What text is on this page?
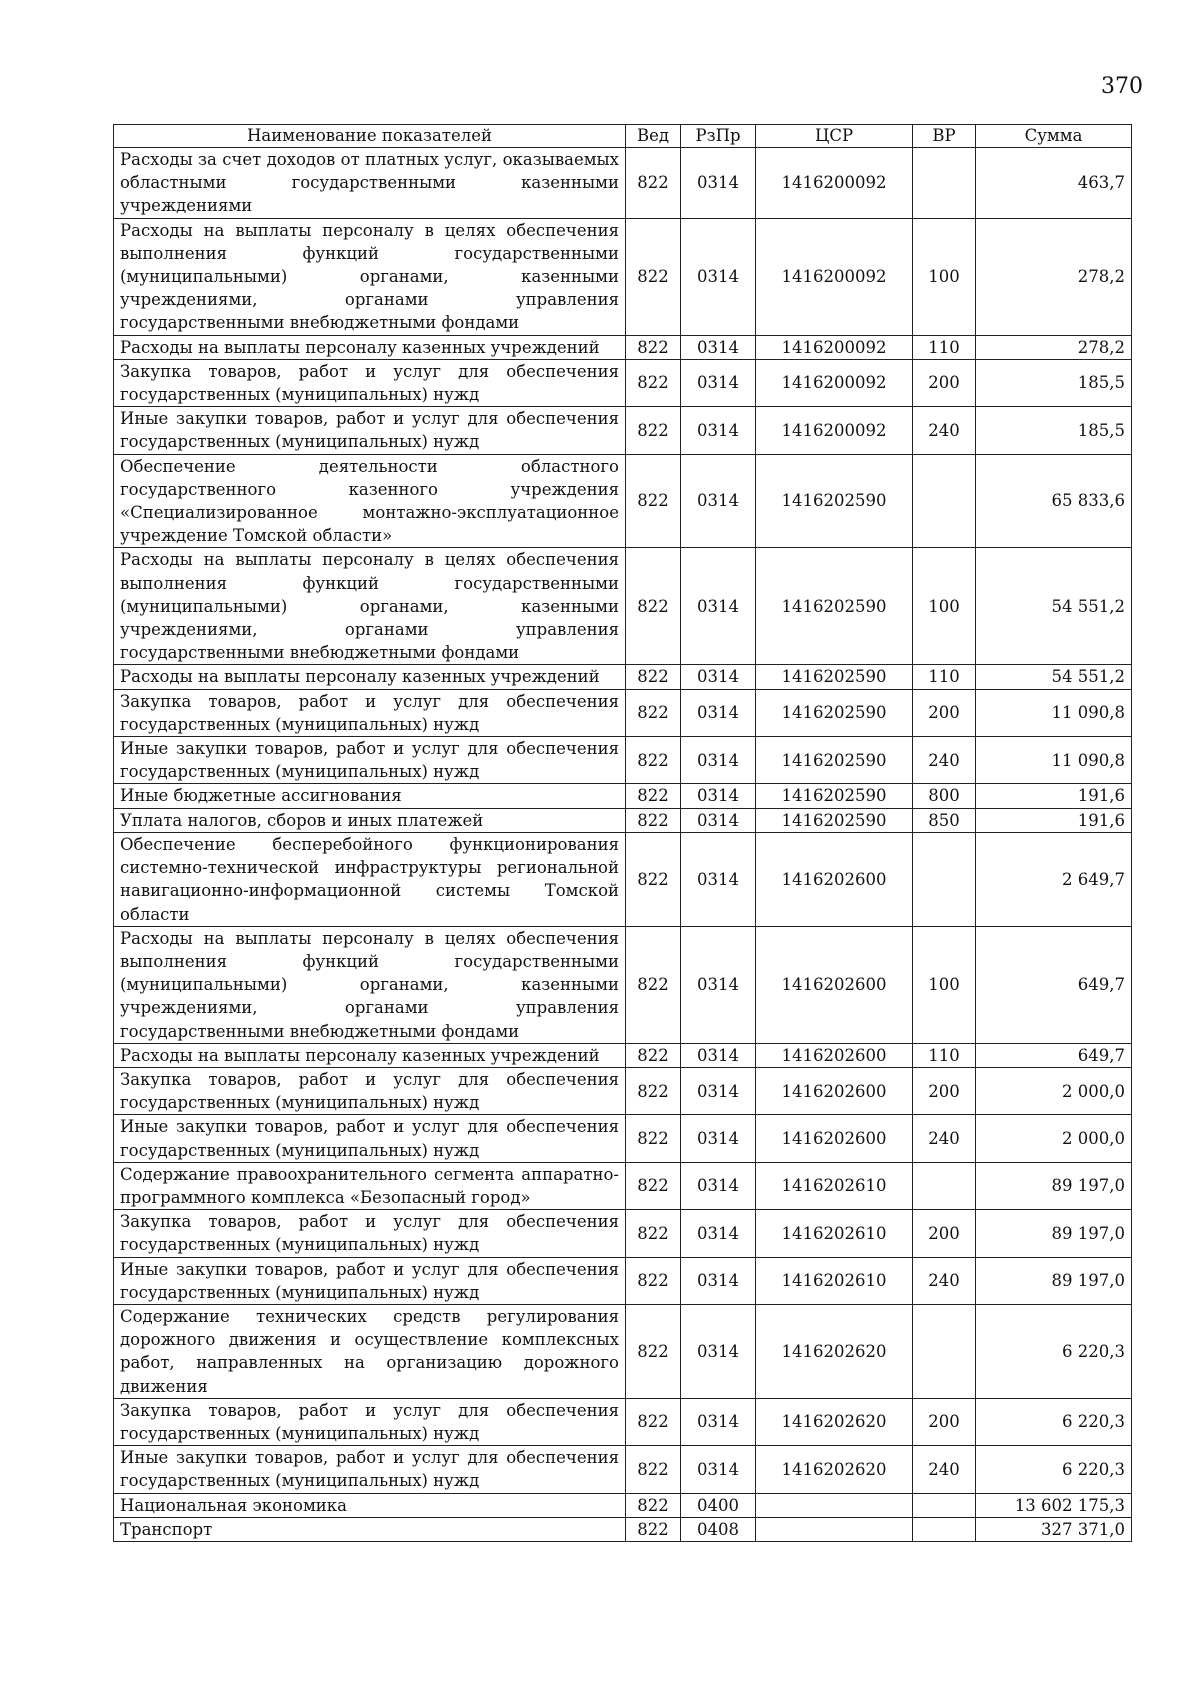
370
Наименование показателей	Вед	РзПр	ЦСР	ВР	Сумма
Расходы за счет доходов от платных услуг, оказываемых областными государственными казенными учреждениями	822	0314	1416200092		463,7
Расходы на выплаты персоналу в целях обеспечения выполнения функций государственными (муниципальными) органами, казенными учреждениями, органами управления государственными внебюджетными фондами	822	0314	1416200092	100	278,2
Расходы на выплаты персоналу казенных учреждений	822	0314	1416200092	110	278,2
Закупка товаров, работ и услуг для обеспечения государственных (муниципальных) нужд	822	0314	1416200092	200	185,5
Иные закупки товаров, работ и услуг для обеспечения государственных (муниципальных) нужд	822	0314	1416200092	240	185,5
Обеспечение деятельности областного государственного казенного учреждения «Специализированное монтажно-эксплуатационное учреждение Томской области»	822	0314	1416202590		65 833,6
Расходы на выплаты персоналу в целях обеспечения выполнения функций государственными (муниципальными) органами, казенными учреждениями, органами управления государственными внебюджетными фондами	822	0314	1416202590	100	54 551,2
Расходы на выплаты персоналу казенных учреждений	822	0314	1416202590	110	54 551,2
Закупка товаров, работ и услуг для обеспечения государственных (муниципальных) нужд	822	0314	1416202590	200	11 090,8
Иные закупки товаров, работ и услуг для обеспечения государственных (муниципальных) нужд	822	0314	1416202590	240	11 090,8
Иные бюджетные ассигнования	822	0314	1416202590	800	191,6
Уплата налогов, сборов и иных платежей	822	0314	1416202590	850	191,6
Обеспечение бесперебойного функционирования системно-технической инфраструктуры региональной навигационно-информационной системы Томской области	822	0314	1416202600		2 649,7
Расходы на выплаты персоналу в целях обеспечения выполнения функций государственными (муниципальными) органами, казенными учреждениями, органами управления государственными внебюджетными фондами	822	0314	1416202600	100	649,7
Расходы на выплаты персоналу казенных учреждений	822	0314	1416202600	110	649,7
Закупка товаров, работ и услуг для обеспечения государственных (муниципальных) нужд	822	0314	1416202600	200	2 000,0
Иные закупки товаров, работ и услуг для обеспечения государственных (муниципальных) нужд	822	0314	1416202600	240	2 000,0
Содержание правоохранительного сегмента аппаратно-программного комплекса «Безопасный город»	822	0314	1416202610		89 197,0
Закупка товаров, работ и услуг для обеспечения государственных (муниципальных) нужд	822	0314	1416202610	200	89 197,0
Иные закупки товаров, работ и услуг для обеспечения государственных (муниципальных) нужд	822	0314	1416202610	240	89 197,0
Содержание технических средств регулирования дорожного движения и осуществление комплексных работ, направленных на организацию дорожного движения	822	0314	1416202620		6 220,3
Закупка товаров, работ и услуг для обеспечения государственных (муниципальных) нужд	822	0314	1416202620	200	6 220,3
Иные закупки товаров, работ и услуг для обеспечения государственных (муниципальных) нужд	822	0314	1416202620	240	6 220,3
Национальная экономика	822	0400			13 602 175,3
Транспорт	822	0408			327 371,0
